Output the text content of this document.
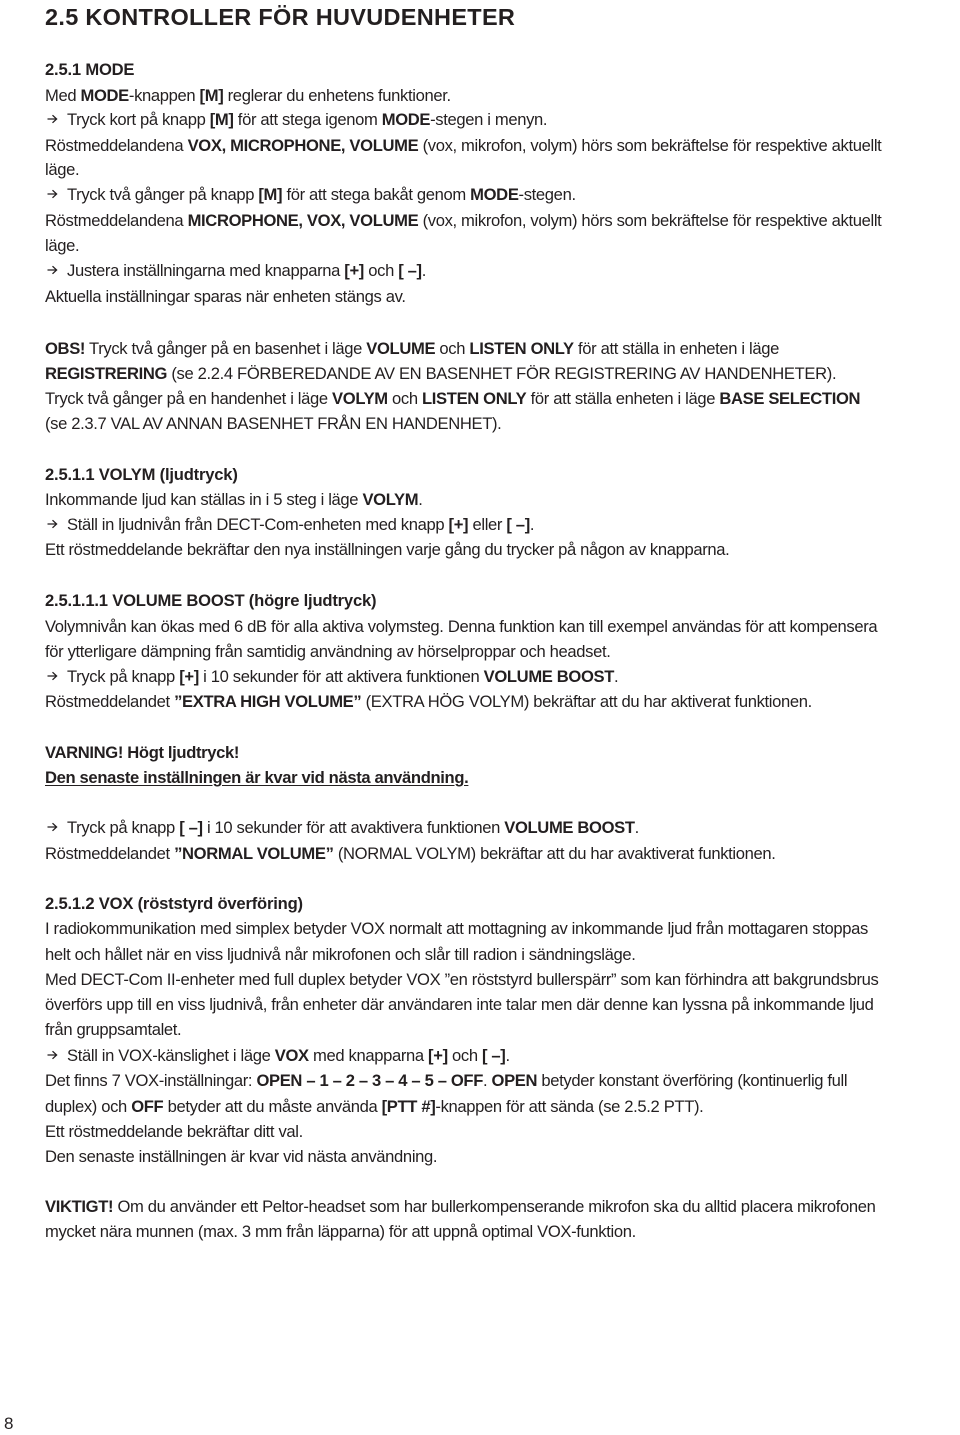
2.5 KONTROLLER FÖR HUVUDENHETER
2.5.1 MODE
Med MODE-knappen [M] reglerar du enhetens funktioner.
Tryck kort på knapp [M] för att stega igenom MODE-stegen i menyn.
Röstmeddelandena VOX, MICROPHONE, VOLUME (vox, mikrofon, volym) hörs som bekräftelse för respektive aktuellt
läge.
Tryck två gånger på knapp [M] för att stega bakåt genom MODE-stegen.
Röstmeddelandena MICROPHONE, VOX, VOLUME (vox, mikrofon, volym) hörs som bekräftelse för respektive aktuellt
läge.
Justera inställningarna med knapparna [+] och [ –].
Aktuella inställningar sparas när enheten stängs av.
OBS! Tryck två gånger på en basenhet i läge VOLUME och LISTEN ONLY för att ställa in enheten i läge
REGISTRERING (se 2.2.4 FÖRBEREDANDE AV EN BASENHET FÖR REGISTRERING AV HANDENHETER).
Tryck två gånger på en handenhet i läge VOLYM och LISTEN ONLY för att ställa enheten i läge BASE SELECTION
(se 2.3.7 VAL AV ANNAN BASENHET FRÅN EN HANDENHET).
2.5.1.1 VOLYM (ljudtryck)
Inkommande ljud kan ställas in i 5 steg i läge VOLYM.
Ställ in ljudnivån från DECT-Com-enheten med knapp [+] eller [ –].
Ett röstmeddelande bekräftar den nya inställningen varje gång du trycker på någon av knapparna.
2.5.1.1.1 VOLUME BOOST (högre ljudtryck)
Volymnivån kan ökas med 6 dB för alla aktiva volymsteg. Denna funktion kan till exempel användas för att kompensera
för ytterligare dämpning från samtidig användning av hörselproppar och headset.
Tryck på knapp [+] i 10 sekunder för att aktivera funktionen VOLUME BOOST.
Röstmeddelandet ”EXTRA HIGH VOLUME” (EXTRA HÖG VOLYM) bekräftar att du har aktiverat funktionen.
VARNING! Högt ljudtryck!
Den senaste inställningen är kvar vid nästa användning.
Tryck på knapp [ –] i 10 sekunder för att avaktivera funktionen VOLUME BOOST.
Röstmeddelandet ”NORMAL VOLUME” (NORMAL VOLYM) bekräftar att du har avaktiverat funktionen.
2.5.1.2 VOX (röststyrd överföring)
I radiokommunikation med simplex betyder VOX normalt att mottagning av inkommande ljud från mottagaren stoppas
helt och hållet när en viss ljudnivå når mikrofonen och slår till radion i sändningsläge.
Med DECT-Com II-enheter med full duplex betyder VOX ”en röststyrd bullerspärr” som kan förhindra att bakgrundsbrus
överförs upp till en viss ljudnivå, från enheter där användaren inte talar men där denne kan lyssna på inkommande ljud
från gruppsamtalet.
Ställ in VOX-känslighet i läge VOX med knapparna [+] och [ –].
Det finns 7 VOX-inställningar: OPEN – 1 – 2 – 3 – 4 – 5 – OFF. OPEN betyder konstant överföring (kontinuerlig full
duplex) och OFF betyder att du måste använda [PTT #]-knappen för att sända (se 2.5.2 PTT).
Ett röstmeddelande bekräftar ditt val.
Den senaste inställningen är kvar vid nästa användning.
VIKTIGT! Om du använder ett Peltor-headset som har bullerkompenserande mikrofon ska du alltid placera mikrofonen
mycket nära munnen (max. 3 mm från läpparna) för att uppnå optimal VOX-funktion.
8
